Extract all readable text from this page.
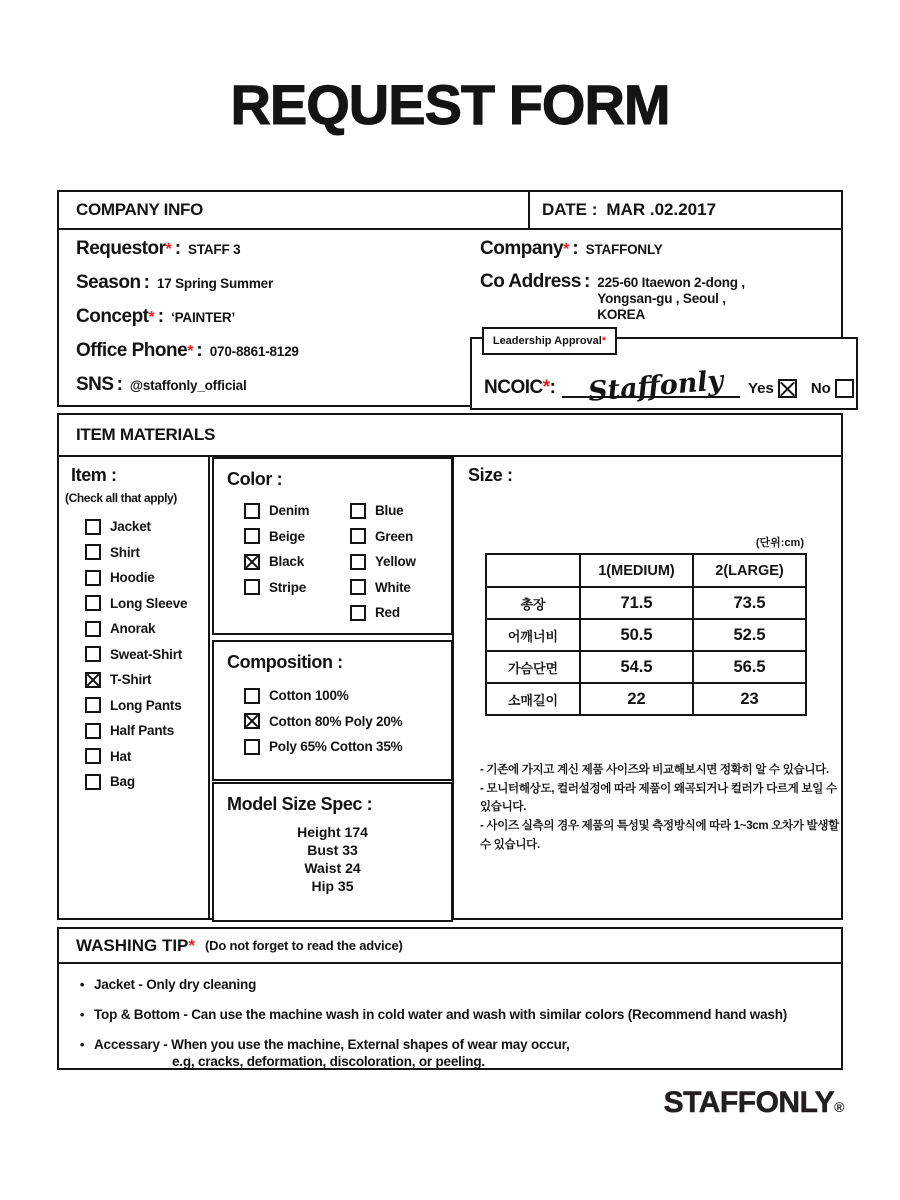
REQUEST FORM
COMPANY INFO	DATE : MAR .02.2017
Requestor * : STAFF 3
Season : 17 Spring Summer
Concept * : ‘PAINTER’
Office Phone * : 070-8861-8129
SNS : @staffonly_official
Company * : STAFFONLY
Co Address : 225-60 Itaewon 2-dong ,
Yongsan-gu , Seoul ,
KOREA
Leadership Approval *
NCOIC * : Staffonly Yes No
ITEM MATERIALS
Item :
(Check all that apply)
Jacket
Shirt
Hoodie
Long Sleeve
Anorak
Sweat-Shirt
T-Shirt
Long Pants
Half Pants
Hat
Bag
Color :
Denim
Beige
Black
Stripe
Blue
Green
Yellow
White
Red
Composition :
Cotton 100%
Cotton 80% Poly 20%
Poly 65% Cotton 35%
Model Size Spec :
Height 174
Bust 33
Waist 24
Hip 35
Size :
(단위:cm)
	1(MEDIUM)	2(LARGE)
총장	71.5	73.5
어깨너비	50.5	52.5
가슴단면	54.5	56.5
소매길이	22	23
- 기존에 가지고 계신 제품 사이즈와 비교해보시면 정확히 알 수 있습니다.
- 모니터해상도, 컬러설정에 따라 제품이 왜곡되거나 컬러가 다르게 보일 수 있습니다.
- 사이즈 실측의 경우 제품의 특성및 측정방식에 따라 1~3cm 오차가 발생할 수 있습니다.
WASHING TIP * (Do not forget to read the advice)
• Jacket - Only dry cleaning
• Top & Bottom - Can use the machine wash in cold water and wash with similar colors (Recommend hand wash)
• Accessary - When you use the machine, External shapes of wear may occur,
e.g, cracks, deformation, discoloration, or peeling.
STAFFONLY®
